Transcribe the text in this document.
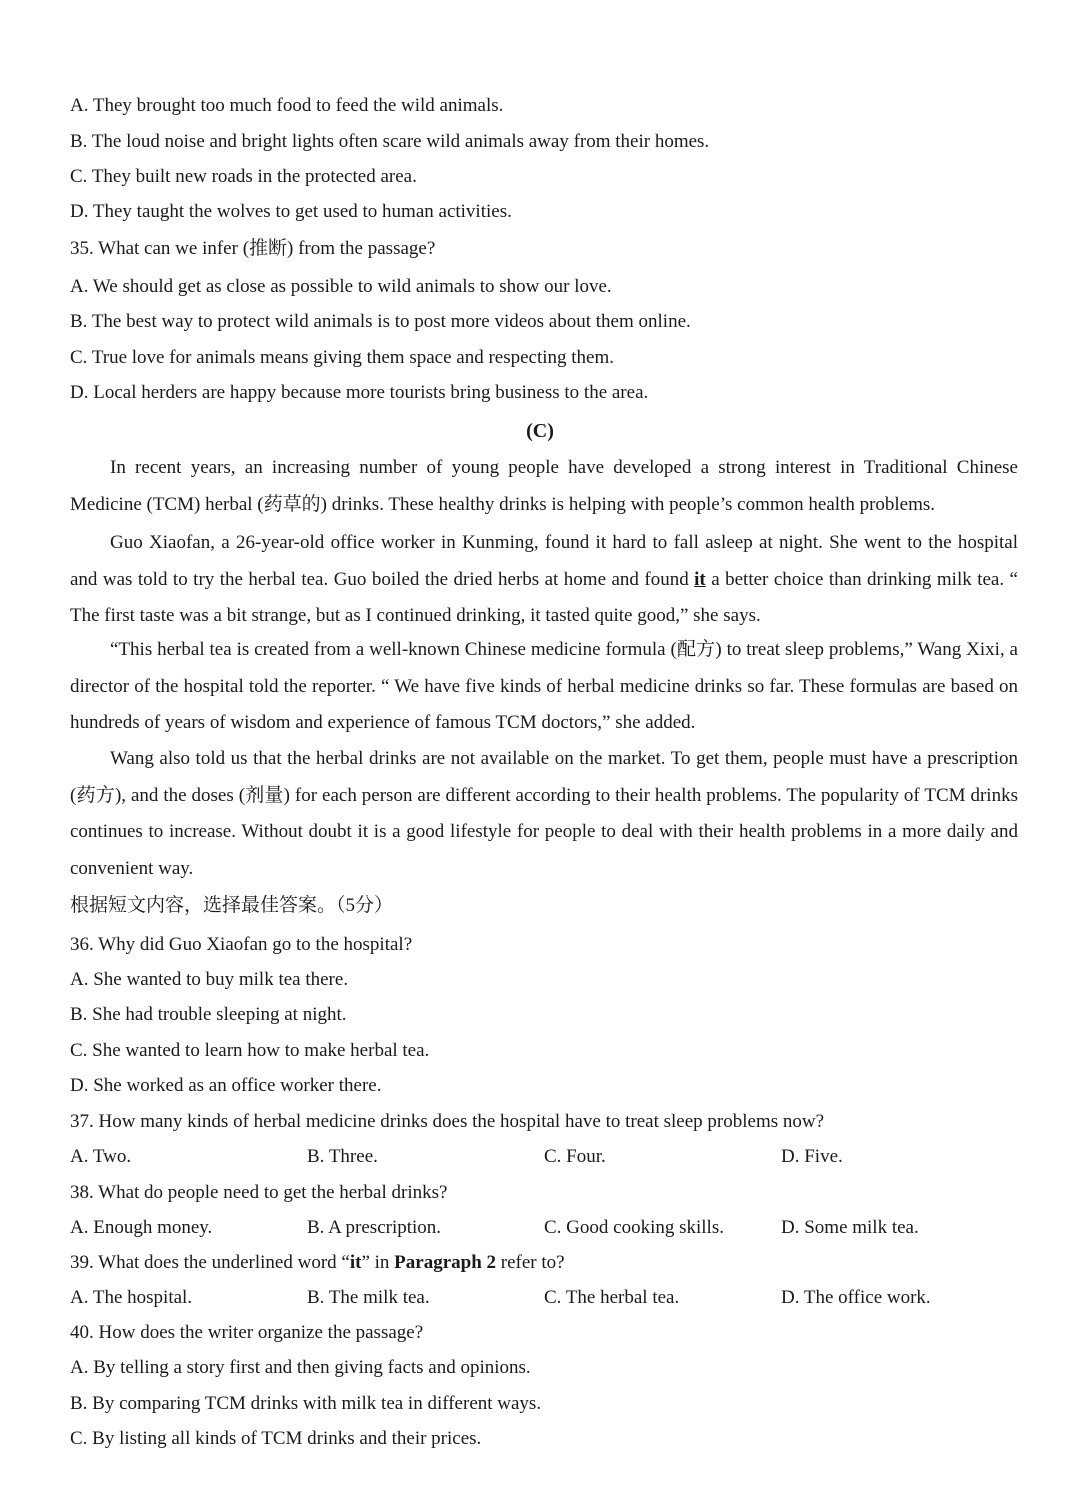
A. They brought too much food to feed the wild animals.
B. The loud noise and bright lights often scare wild animals away from their homes.
C. They built new roads in the protected area.
D. They taught the wolves to get used to human activities.
35. What can we infer (推断) from the passage?
A. We should get as close as possible to wild animals to show our love.
B. The best way to protect wild animals is to post more videos about them online.
C. True love for animals means giving them space and respecting them.
D. Local herders are happy because more tourists bring business to the area.
(C)
In recent years, an increasing number of young people have developed a strong interest in Traditional Chinese Medicine (TCM) herbal (药草的) drinks. These healthy drinks is helping with people’s common health problems.
Guo Xiaofan, a 26-year-old office worker in Kunming, found it hard to fall asleep at night. She went to the hospital and was told to try the herbal tea. Guo boiled the dried herbs at home and found it a better choice than drinking milk tea. “ The first taste was a bit strange, but as I continued drinking, it tasted quite good,” she says.
“This herbal tea is created from a well-known Chinese medicine formula (配方) to treat sleep problems,” Wang Xixi, a director of the hospital told the reporter. “ We have five kinds of herbal medicine drinks so far. These formulas are based on hundreds of years of wisdom and experience of famous TCM doctors,” she added.
Wang also told us that the herbal drinks are not available on the market. To get them, people must have a prescription (药方), and the doses (剂量) for each person are different according to their health problems. The popularity of TCM drinks continues to increase. Without doubt it is a good lifestyle for people to deal with their health problems in a more daily and convenient way.
根据短文内容，选择最佳答案。（5分）
36. Why did Guo Xiaofan go to the hospital?
A. She wanted to buy milk tea there.
B. She had trouble sleeping at night.
C. She wanted to learn how to make herbal tea.
D. She worked as an office worker there.
37. How many kinds of herbal medicine drinks does the hospital have to treat sleep problems now?
A. Two.	B. Three.	C. Four.	D. Five.
38. What do people need to get the herbal drinks?
A. Enough money.	B. A prescription.	C. Good cooking skills.	D. Some milk tea.
39. What does the underlined word “it” in Paragraph 2 refer to?
A. The hospital.	B. The milk tea.	C. The herbal tea.	D. The office work.
40. How does the writer organize the passage?
A. By telling a story first and then giving facts and opinions.
B. By comparing TCM drinks with milk tea in different ways.
C. By listing all kinds of TCM drinks and their prices.
